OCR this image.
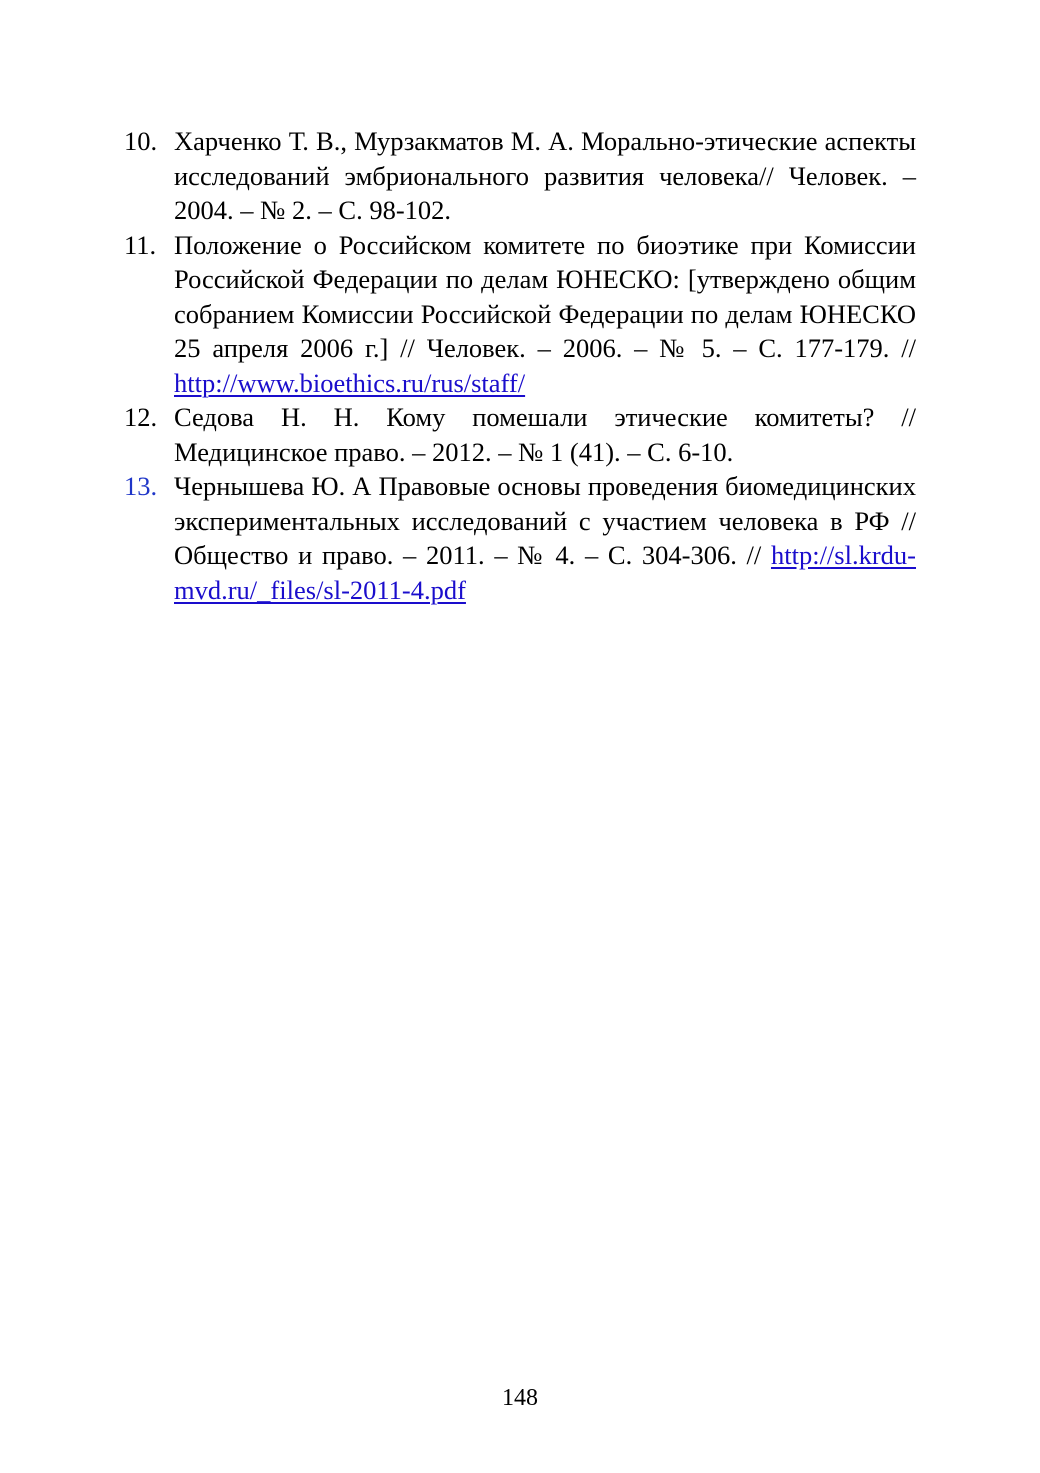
10. Харченко Т. В., Мурзакматов М. А. Морально-этические аспекты исследований эмбрионального развития человека// Человек. – 2004. – № 2. – С. 98-102.
11. Положение о Российском комитете по биоэтике при Комиссии Российской Федерации по делам ЮНЕСКО: [утверждено общим собранием Комиссии Российской Федерации по делам ЮНЕСКО 25 апреля 2006 г.] // Человек. – 2006. – № 5. – С. 177-179. // http://www.bioethics.ru/rus/staff/
12. Седова Н. Н. Кому помешали этические комитеты? // Медицинское право. – 2012. – № 1 (41). – С. 6-10.
13. Чернышева Ю. А Правовые основы проведения биомедицинских экспериментальных исследований с участием человека в РФ // Общество и право. – 2011. – № 4. – С. 304-306. // http://sl.krdu-mvd.ru/_files/sl-2011-4.pdf
148
